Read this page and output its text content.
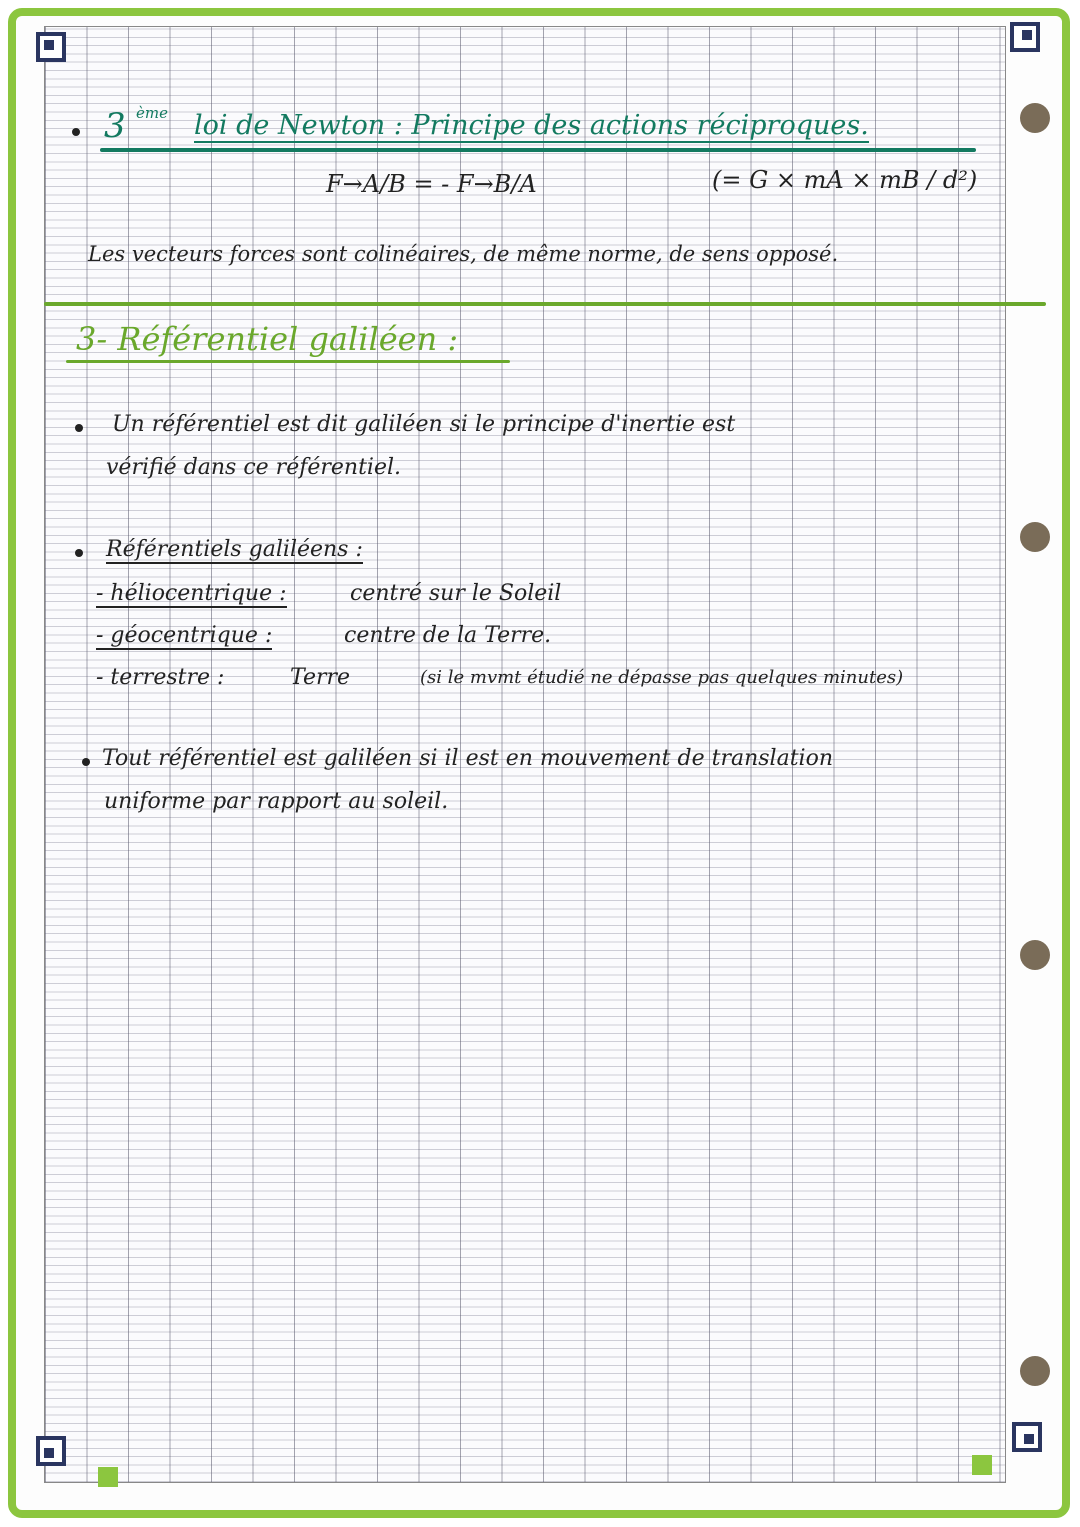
3 ème loi de Newton : Principe des actions réciproques.
F→A/B = - F→B/A	(= G × mA × mB / d²)
Les vecteurs forces sont colinéaires, de même norme, de sens opposé.
3- Référentiel galiléen :
Un référentiel est dit galiléen si le principe d'inertie est
vérifié dans ce référentiel.
Référentiels galiléens :
- héliocentrique :	centré sur le Soleil
- géocentrique :	centre de la Terre.
- terrestre :	Terre	(si le mvmt étudié ne dépasse pas quelques minutes)
Tout référentiel est galiléen si il est en mouvement de translation
uniforme par rapport au soleil.
